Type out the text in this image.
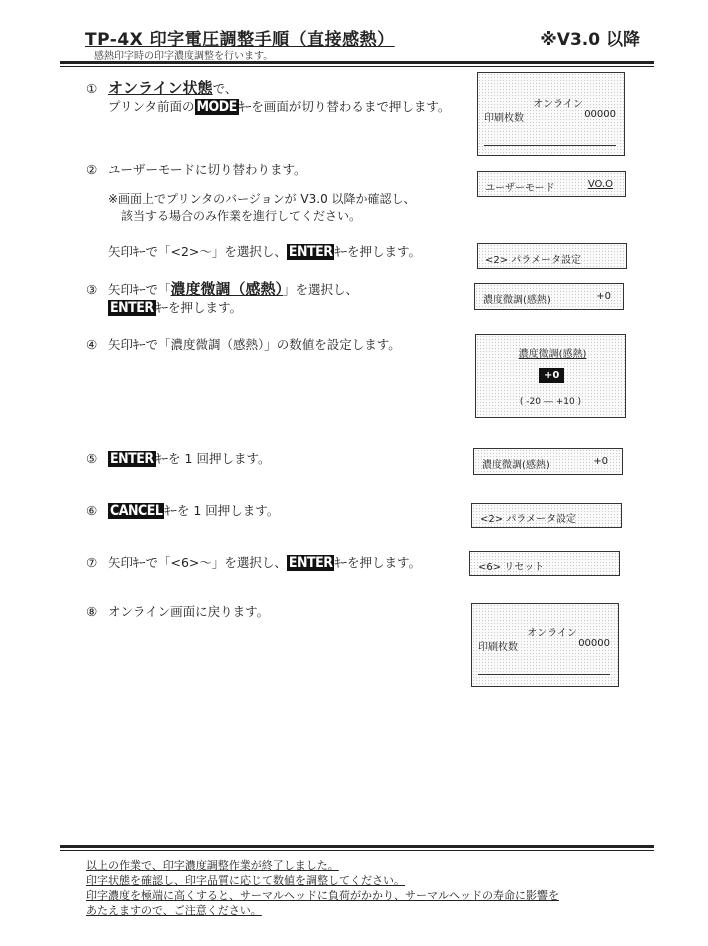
TP-4X 印字電圧調整手順（直接感熱）	※V3.0 以降
感熱印字時の印字濃度調整を行います。
① オンライン状態で、
プリンタ前面の MODE ｷｰを画面が切り替わるまで押します。	オンライン
印刷枚数	00000
② ユーザーモードに切り替わります。
※画面上でプリンタのバージョンが V3.0 以降か確認し、
該当する場合のみ作業を進行してください。
矢印ｷｰで「<2>～」を選択し、 ENTER ｷｰを押します。
ユーザーモード	VO.O
<2> パラメータ設定
③ 矢印ｷｰで「濃度微調（感熱）」を選択し、
ENTER ｷｰを押します。	濃度微調(感熱)	+0
④ 矢印ｷｰで「濃度微調（感熱）」の数値を設定します。
濃度微調(感熱)
+0
( -20 ― +10 )
⑤ ENTER ｷｰを 1 回押します。	濃度微調(感熱)	+0
⑥ CANCEL ｷｰを 1 回押します。
<2> パラメータ設定
⑦ 矢印ｷｰで「<6>～」を選択し、 ENTER ｷｰを押します。	<6> リセット
⑧ オンライン画面に戻ります。
オンライン
印刷枚数	00000
以上の作業で、印字濃度調整作業が終了しました。
印字状態を確認し、印字品質に応じて数値を調整してください。
印字濃度を極端に高くすると、サーマルヘッドに負荷がかかり、サーマルヘッドの寿命に影響を
あたえますので、ご注意ください。
